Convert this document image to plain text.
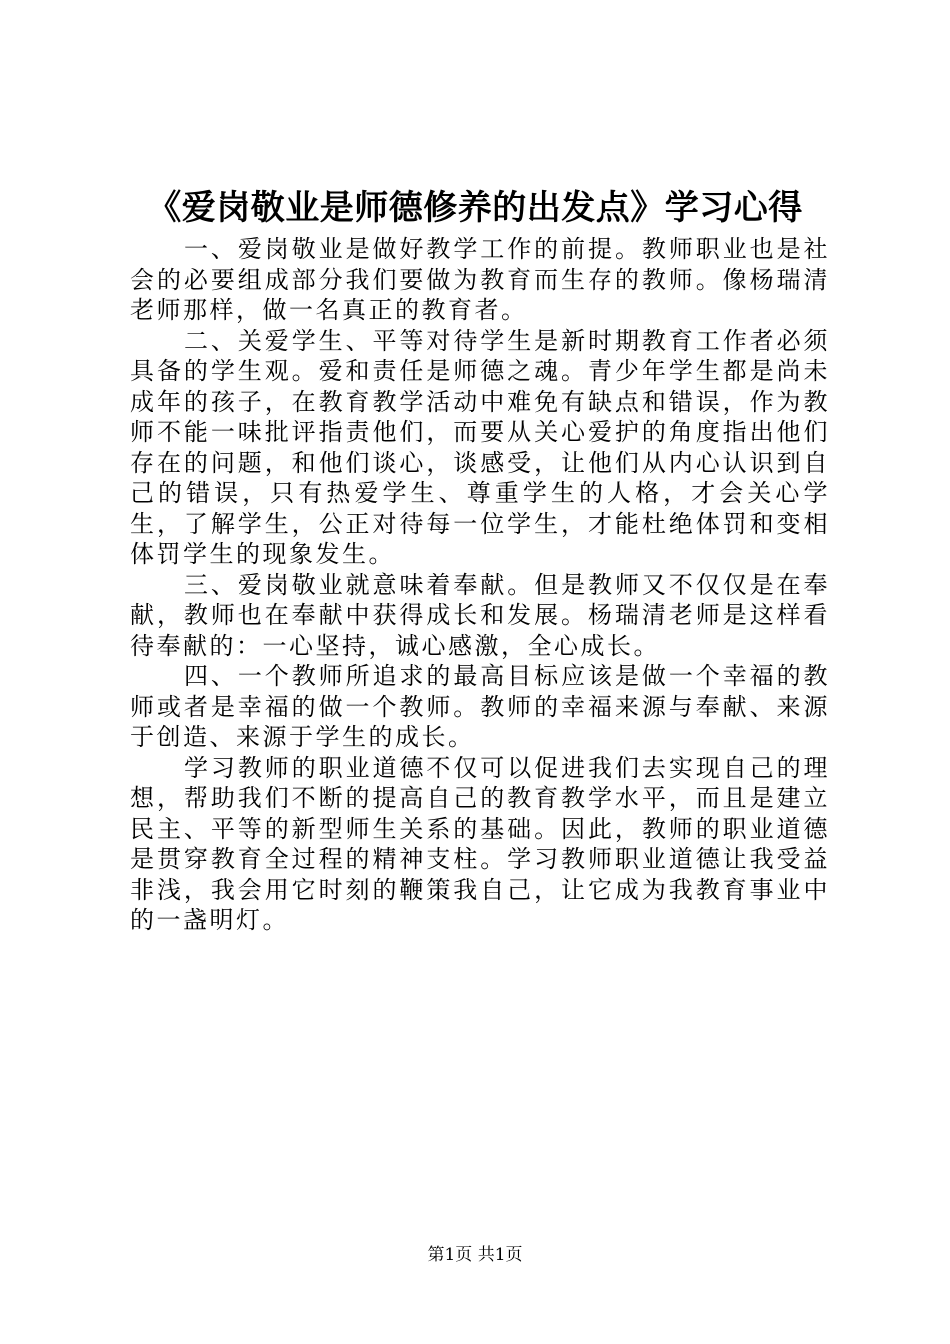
《爱岗敬业是师德修养的出发点》学习心得

一、爱岗敬业是做好教学工作的前提。教师职业也是社会的必要组成部分我们要做为教育而生存的教师。像杨瑞清老师那样，做一名真正的教育者。

二、关爱学生、平等对待学生是新时期教育工作者必须具备的学生观。爱和责任是师德之魂。青少年学生都是尚未成年的孩子，在教育教学活动中难免有缺点和错误，作为教师不能一味批评指责他们，而要从关心爱护的角度指出他们存在的问题，和他们谈心，谈感受，让他们从内心认识到自己的错误，只有热爱学生、尊重学生的人格，才会关心学生，了解学生，公正对待每一位学生，才能杜绝体罚和变相体罚学生的现象发生。

三、爱岗敬业就意味着奉献。但是教师又不仅仅是在奉献，教师也在奉献中获得成长和发展。杨瑞清老师是这样看待奉献的：一心坚持，诚心感激，全心成长。

四、一个教师所追求的最高目标应该是做一个幸福的教师或者是幸福的做一个教师。教师的幸福来源与奉献、来源于创造、来源于学生的成长。

学习教师的职业道德不仅可以促进我们去实现自己的理想，帮助我们不断的提高自己的教育教学水平，而且是建立民主、平等的新型师生关系的基础。因此，教师的职业道德是贯穿教育全过程的精神支柱。学习教师职业道德让我受益非浅，我会用它时刻的鞭策我自己，让它成为我教育事业中的一盏明灯。

第1页 共1页
